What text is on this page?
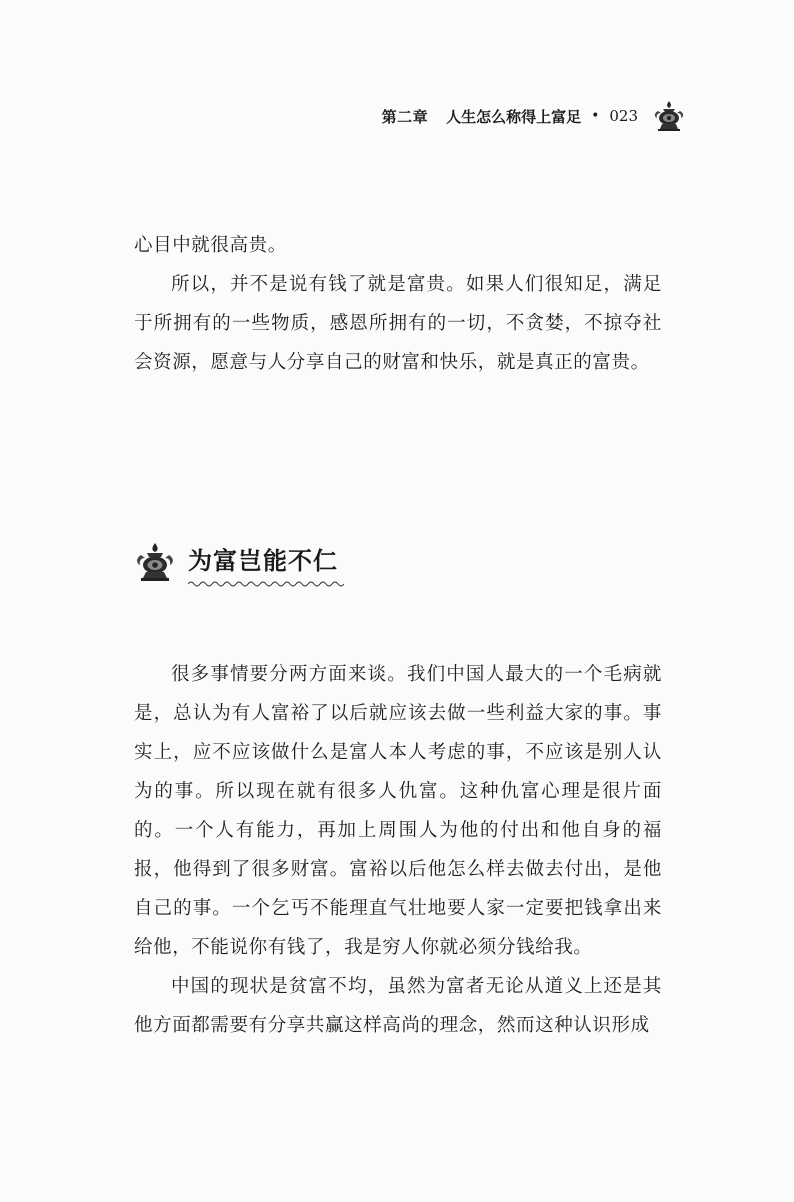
第二章 人生怎么称得上富足 • 023

心目中就很高贵。

所以，并不是说有钱了就是富贵。如果人们很知足，满足于所拥有的一些物质，感恩所拥有的一切，不贪婪，不掠夺社会资源，愿意与人分享自己的财富和快乐，就是真正的富贵。

为富岂能不仁

很多事情要分两方面来谈。我们中国人最大的一个毛病就是，总认为有人富裕了以后就应该去做一些利益大家的事。事实上，应不应该做什么是富人本人考虑的事，不应该是别人认为的事。所以现在就有很多人仇富。这种仇富心理是很片面的。一个人有能力，再加上周围人为他的付出和他自身的福报，他得到了很多财富。富裕以后他怎么样去做去付出，是他自己的事。一个乞丐不能理直气壮地要人家一定要把钱拿出来给他，不能说你有钱了，我是穷人你就必须分钱给我。

中国的现状是贫富不均，虽然为富者无论从道义上还是其他方面都需要有分享共赢这样高尚的理念，然而这种认识形成
